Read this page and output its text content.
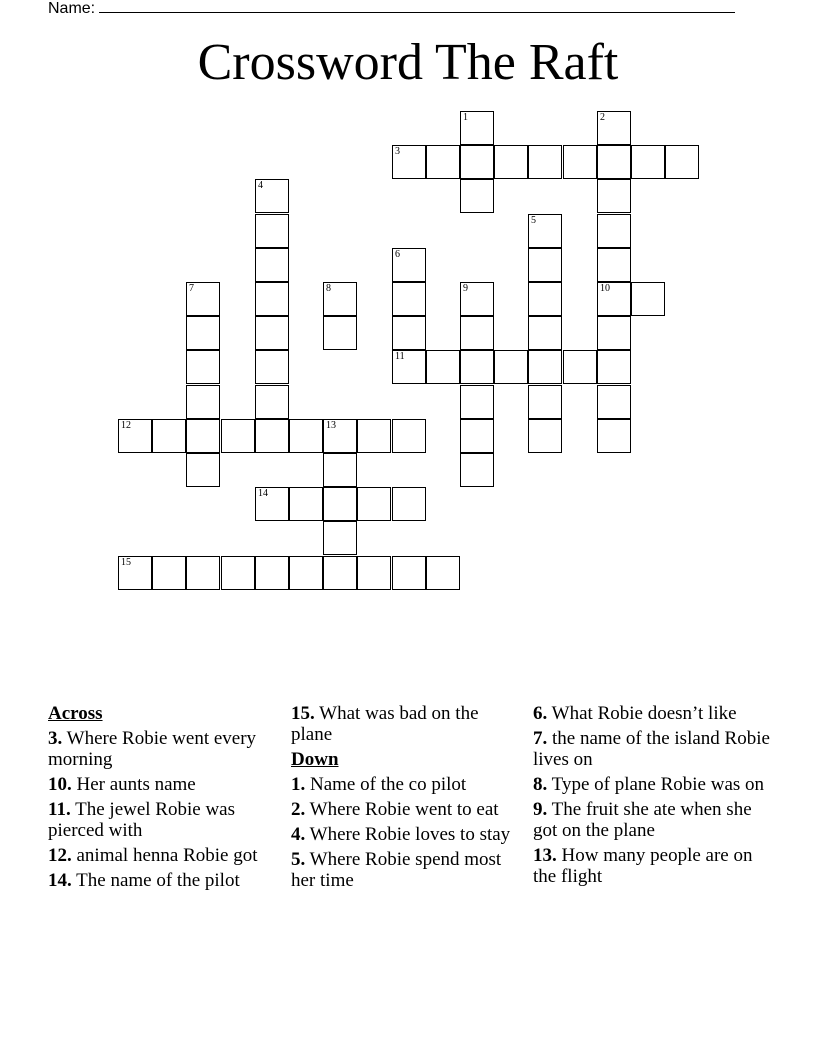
Name:
Crossword The Raft
3
10
11
12	13
14
15
1	2
4
5
6
7	8	9
Across
3. Where Robie went every morning
10. Her aunts name
11. The jewel Robie was pierced with
12. animal henna Robie got
14. The name of the pilot
15. What was bad on the plane
Down
1. Name of the co pilot
2. Where Robie went to eat
4. Where Robie loves to stay
5. Where Robie spend most her time
6. What Robie doesn’t like
7. the name of the island Robie lives on
8. Type of plane Robie was on
9. The fruit she ate when she got on the plane
13. How many people are on the flight
